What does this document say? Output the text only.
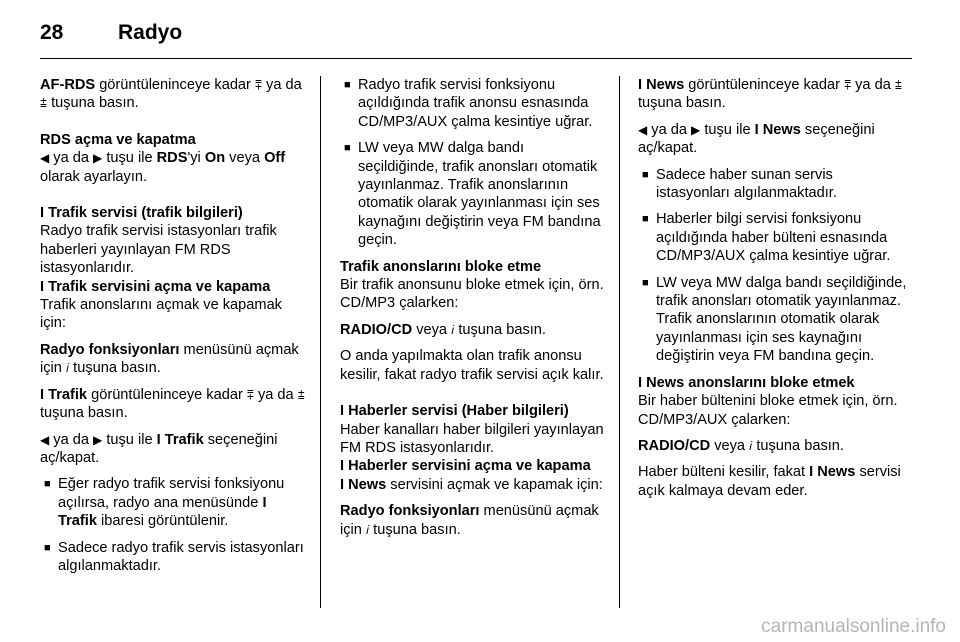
28	Radyo

AF-RDS görüntüleninceye kadar ⩱ ya da ⩲ tuşuna basın.

RDS açma ve kapatma

◀ ya da ▶ tuşu ile RDS'yi On veya Off olarak ayarlayın.

I Trafik servisi (trafik bilgileri)

Radyo trafik servisi istasyonları trafik haberleri yayınlayan FM RDS istasyonlarıdır.

I Trafik servisini açma ve kapama

Trafik anonslarını açmak ve kapamak için:

Radyo fonksiyonları menüsünü açmak için 𝑖 tuşuna basın.

I Trafik görüntüleninceye kadar ⩱ ya da ⩲ tuşuna basın.

◀ ya da ▶ tuşu ile I Trafik seçeneğini aç/kapat.

■ Eğer radyo trafik servisi fonksiyonu açılırsa, radyo ana menüsünde I Trafik ibaresi görüntülenir.
■ Sadece radyo trafik servis istasyonları algılanmaktadır.
■ Radyo trafik servisi fonksiyonu açıldığında trafik anonsu esnasında CD/MP3/AUX çalma kesintiye uğrar.
■ LW veya MW dalga bandı seçildiğinde, trafik anonsları otomatik yayınlanmaz. Trafik anonslarının otomatik olarak yayınlanması için ses kaynağını değiştirin veya FM bandına geçin.

Trafik anonslarını bloke etme

Bir trafik anonsunu bloke etmek için, örn. CD/MP3 çalarken:

RADIO/CD veya 𝑖 tuşuna basın.

O anda yapılmakta olan trafik anonsu kesilir, fakat radyo trafik servisi açık kalır.

I Haberler servisi (Haber bilgileri)

Haber kanalları haber bilgileri yayınlayan FM RDS istasyonlarıdır.

I Haberler servisini açma ve kapama

I News servisini açmak ve kapamak için:

Radyo fonksiyonları menüsünü açmak için 𝑖 tuşuna basın.

I News görüntüleninceye kadar ⩱ ya da ⩲ tuşuna basın.

◀ ya da ▶ tuşu ile I News seçeneğini aç/kapat.

■ Sadece haber sunan servis istasyonları algılanmaktadır.
■ Haberler bilgi servisi fonksiyonu açıldığında haber bülteni esnasında CD/MP3/AUX çalma kesintiye uğrar.
■ LW veya MW dalga bandı seçildiğinde, trafik anonsları otomatik yayınlanmaz. Trafik anonslarının otomatik olarak yayınlanması için ses kaynağını değiştirin veya FM bandına geçin.

I News anonslarını bloke etmek

Bir haber bültenini bloke etmek için, örn. CD/MP3/AUX çalarken:

RADIO/CD veya 𝑖 tuşuna basın.

Haber bülteni kesilir, fakat I News servisi açık kalmaya devam eder.

carmanualsonline.info
